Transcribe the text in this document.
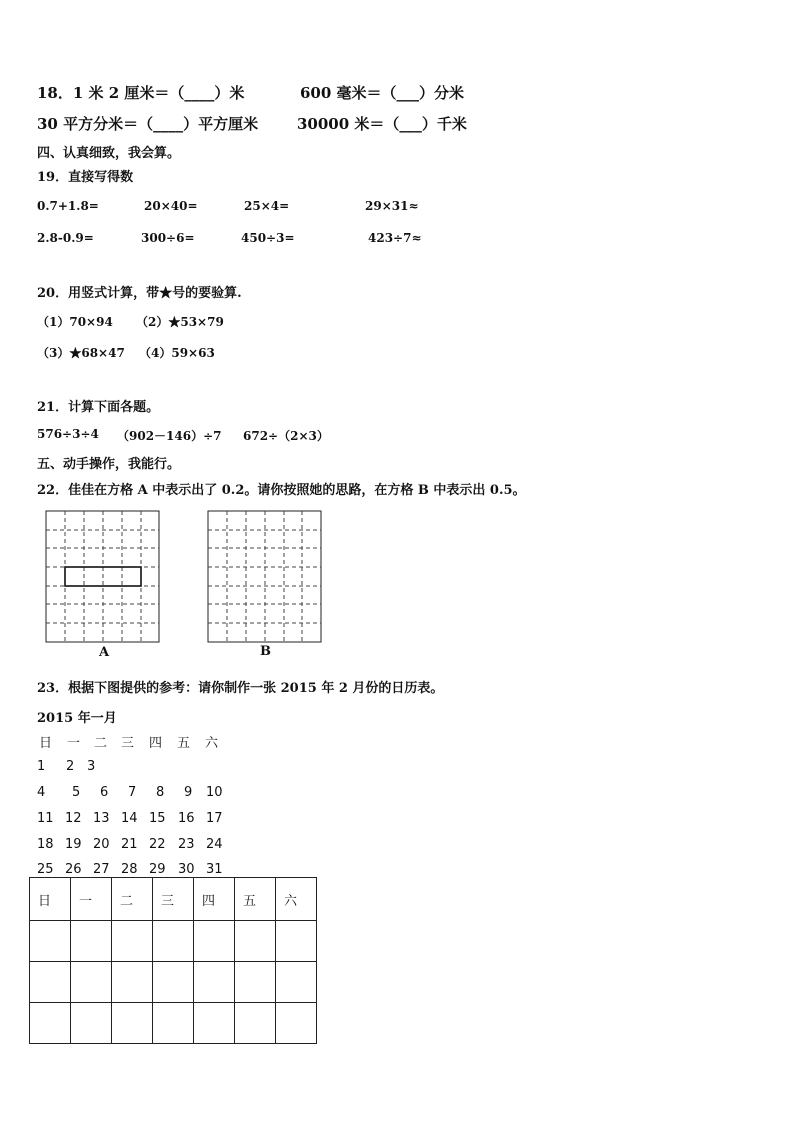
18．1 米 2 厘米＝（____）米	600 毫米＝（___）分米
30 平方分米＝（____）平方厘米	30000 米＝（___）千米
四、认真细致，我会算。
19．直接写得数
0.7+1.8=	20×40=	25×4=	29×31≈
2.8-0.9=	300÷6=	450÷3=	423÷7≈
20．用竖式计算，带★号的要验算.
（1）70×94 （2）★53×79
（3）★68×47 （4）59×63
21．计算下面各题。
576÷3÷4 （902－146）÷7 672÷（2×3）
五、动手操作，我能行。
22．佳佳在方格 A 中表示出了 0.2。请你按照她的思路，在方格 B 中表示出 0.5。
A	B
23．根据下图提供的参考：请你制作一张 2015 年 2 月份的日历表。
2015 年一月
日 一 二 三 四 五 六
1 2 3
4 5 6 7 8 9 10
11 12 13 14 15 16 17
18 19 20 21 22 23 24
25 26 27 28 29 30 31
日	一	二	三	四	五	六
